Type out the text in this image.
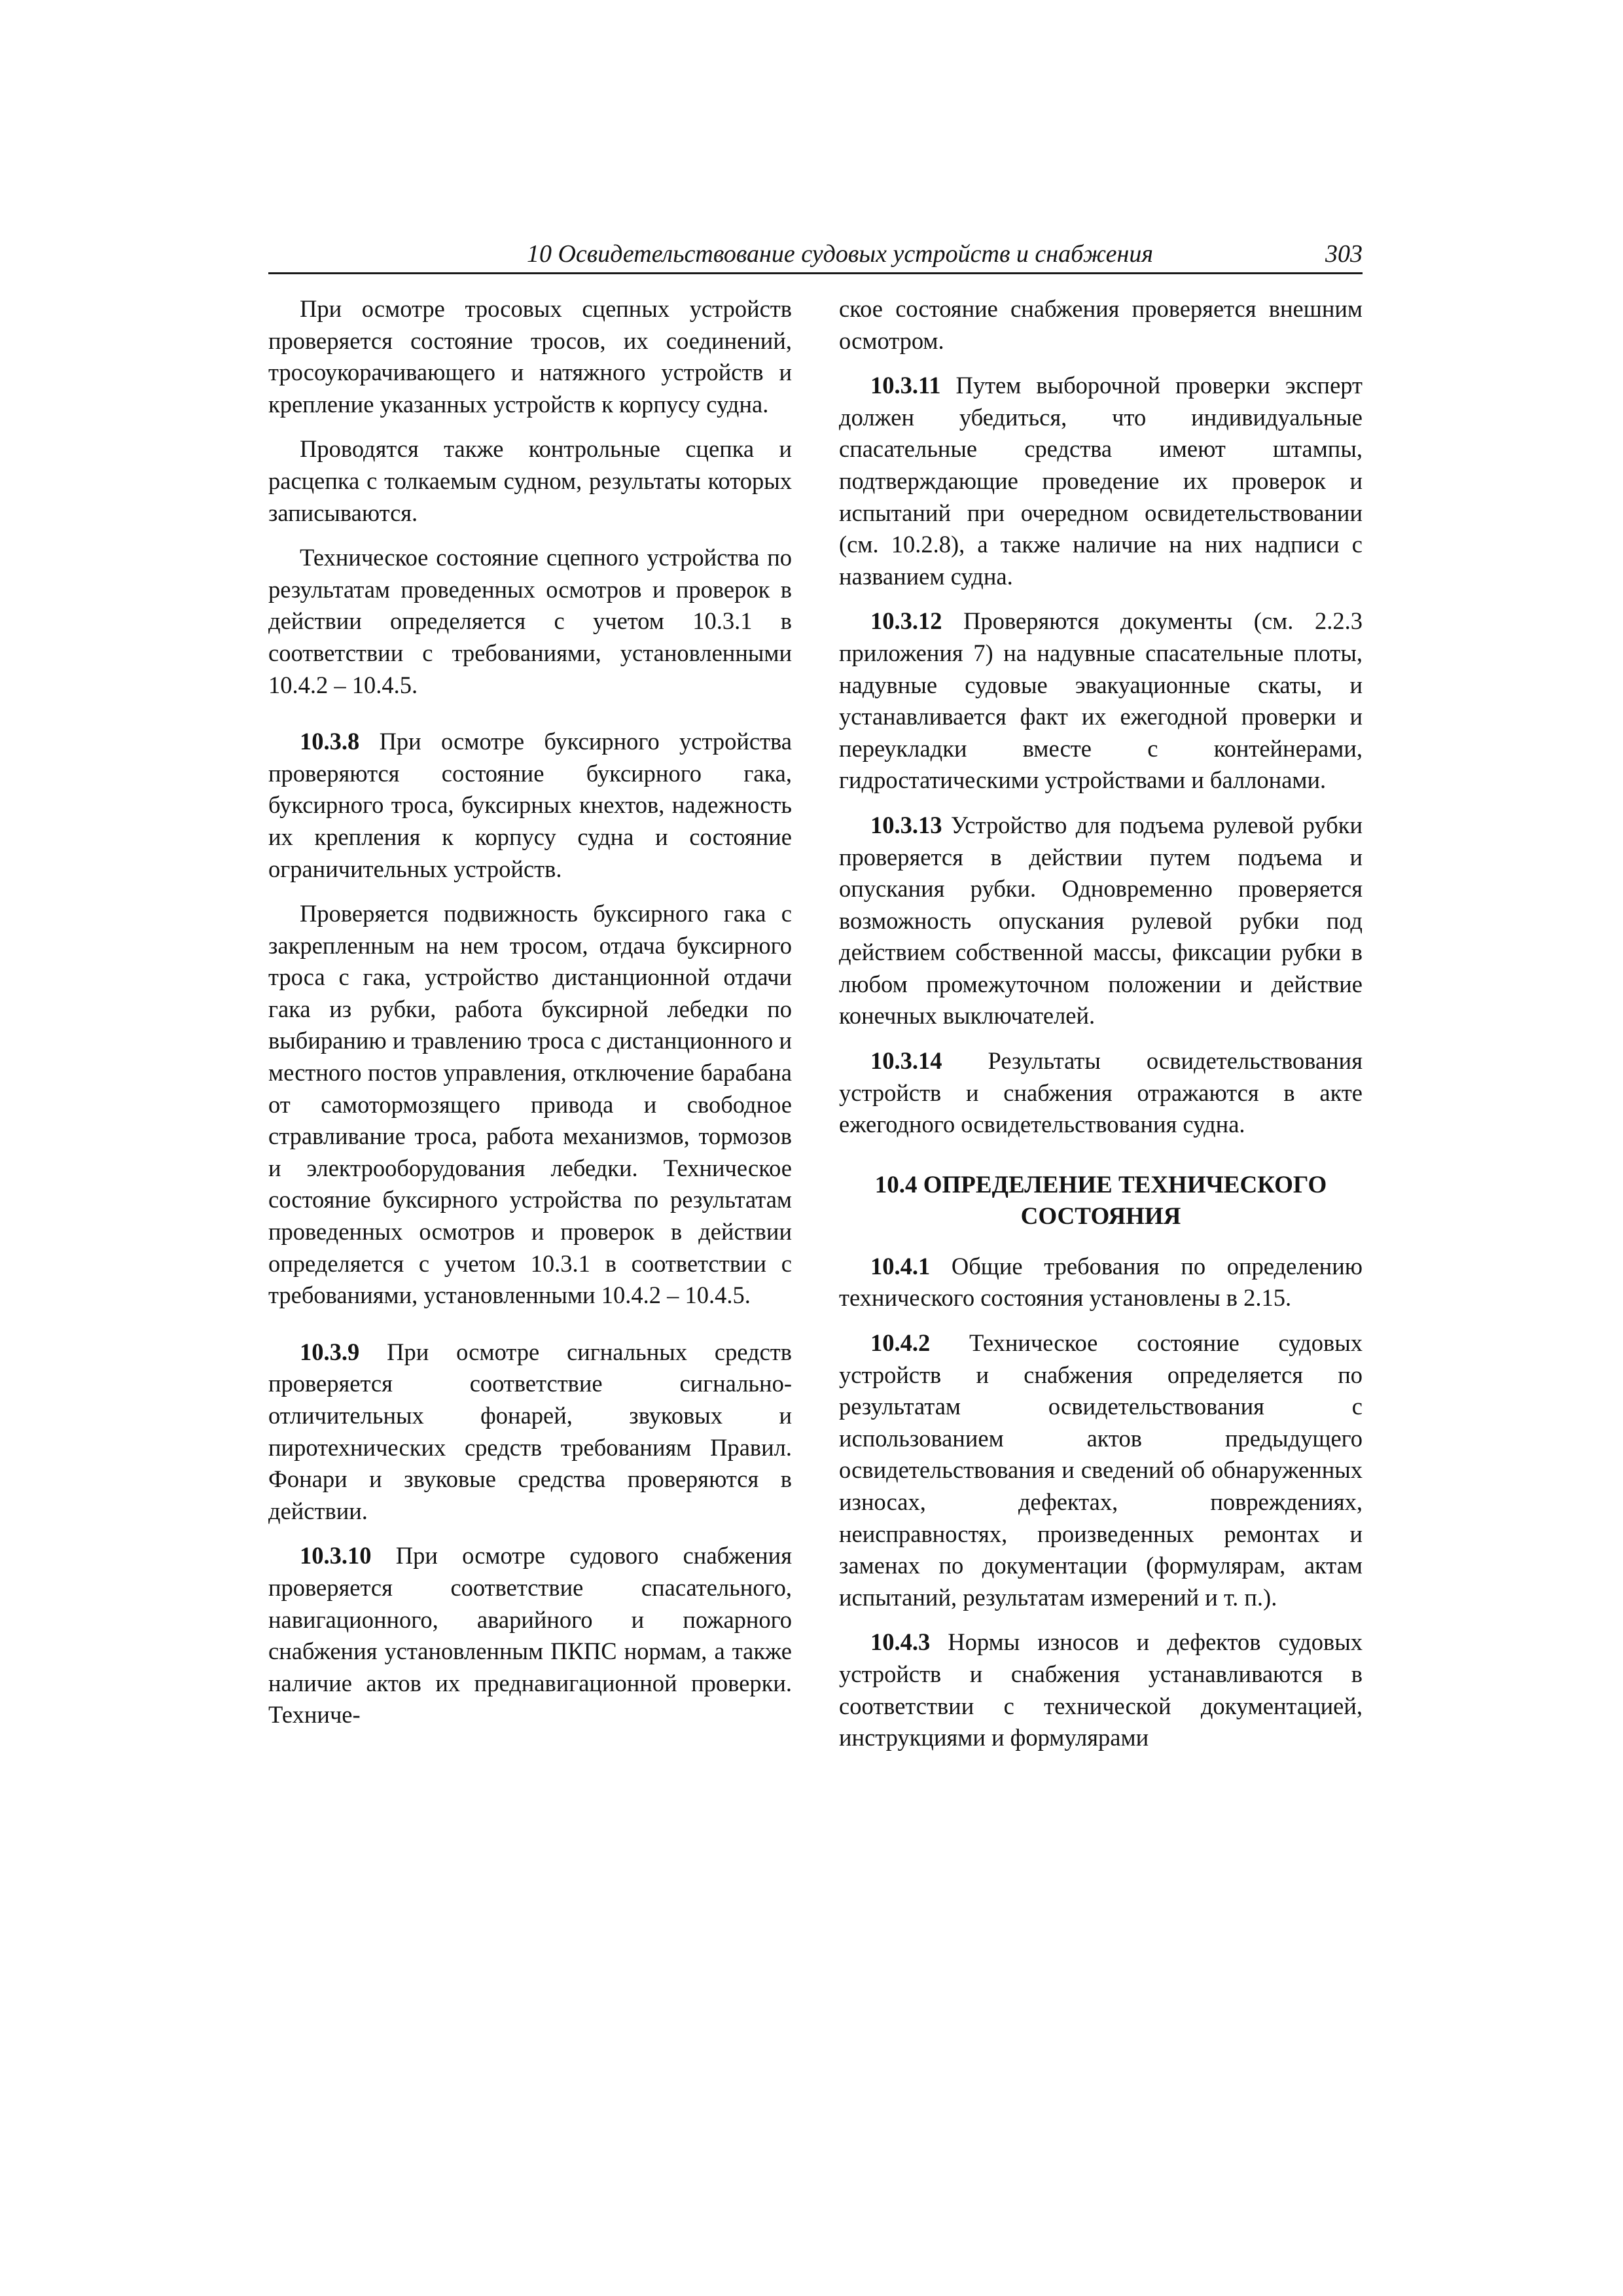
10 Освидетельствование судовых устройств и снабжения	303

При осмотре тросовых сцепных устройств проверяется состояние тросов, их соединений, тросоукорачивающего и натяжного устройств и крепление указанных устройств к корпусу судна.

Проводятся также контрольные сцепка и расцепка с толкаемым судном, результаты которых записываются.

Техническое состояние сцепного устройства по результатам проведенных осмотров и проверок в действии определяется с учетом 10.3.1 в соответствии с требованиями, установленными 10.4.2 – 10.4.5.

10.3.8 При осмотре буксирного устройства проверяются состояние буксирного гака, буксирного троса, буксирных кнехтов, надежность их крепления к корпусу судна и состояние ограничительных устройств.

Проверяется подвижность буксирного гака с закрепленным на нем тросом, отдача буксирного троса с гака, устройство дистанционной отдачи гака из рубки, работа буксирной лебедки по выбиранию и травлению троса с дистанционного и местного постов управления, отключение барабана от самотормозящего привода и свободное стравливание троса, работа механизмов, тормозов и электрооборудования лебедки. Техническое состояние буксирного устройства по результатам проведенных осмотров и проверок в действии определяется с учетом 10.3.1 в соответствии с требованиями, установленными 10.4.2 – 10.4.5.

10.3.9 При осмотре сигнальных средств проверяется соответствие сигнально-отличительных фонарей, звуковых и пиротехнических средств требованиям Правил. Фонари и звуковые средства проверяются в действии.

10.3.10 При осмотре судового снабжения проверяется соответствие спасательного, навигационного, аварийного и пожарного снабжения установленным ПКПС нормам, а также наличие актов их преднавигационной проверки. Техниче-

ское состояние снабжения проверяется внешним осмотром.

10.3.11 Путем выборочной проверки эксперт должен убедиться, что индивидуальные спасательные средства имеют штампы, подтверждающие проведение их проверок и испытаний при очередном освидетельствовании (см. 10.2.8), а также наличие на них надписи с названием судна.

10.3.12 Проверяются документы (см. 2.2.3 приложения 7) на надувные спасательные плоты, надувные судовые эвакуационные скаты, и устанавливается факт их ежегодной проверки и переукладки вместе с контейнерами, гидростатическими устройствами и баллонами.

10.3.13 Устройство для подъема рулевой рубки проверяется в действии путем подъема и опускания рубки. Одновременно проверяется возможность опускания рулевой рубки под действием собственной массы, фиксации рубки в любом промежуточном положении и действие конечных выключателей.

10.3.14 Результаты освидетельствования устройств и снабжения отражаются в акте ежегодного освидетельствования судна.

10.4 ОПРЕДЕЛЕНИЕ ТЕХНИЧЕСКОГО
СОСТОЯНИЯ

10.4.1 Общие требования по определению технического состояния установлены в 2.15.

10.4.2 Техническое состояние судовых устройств и снабжения определяется по результатам освидетельствования с использованием актов предыдущего освидетельствования и сведений об обнаруженных износах, дефектах, повреждениях, неисправностях, произведенных ремонтах и заменах по документации (формулярам, актам испытаний, результатам измерений и т. п.).

10.4.3 Нормы износов и дефектов судовых устройств и снабжения устанавливаются в соответствии с технической документацией, инструкциями и формулярами
